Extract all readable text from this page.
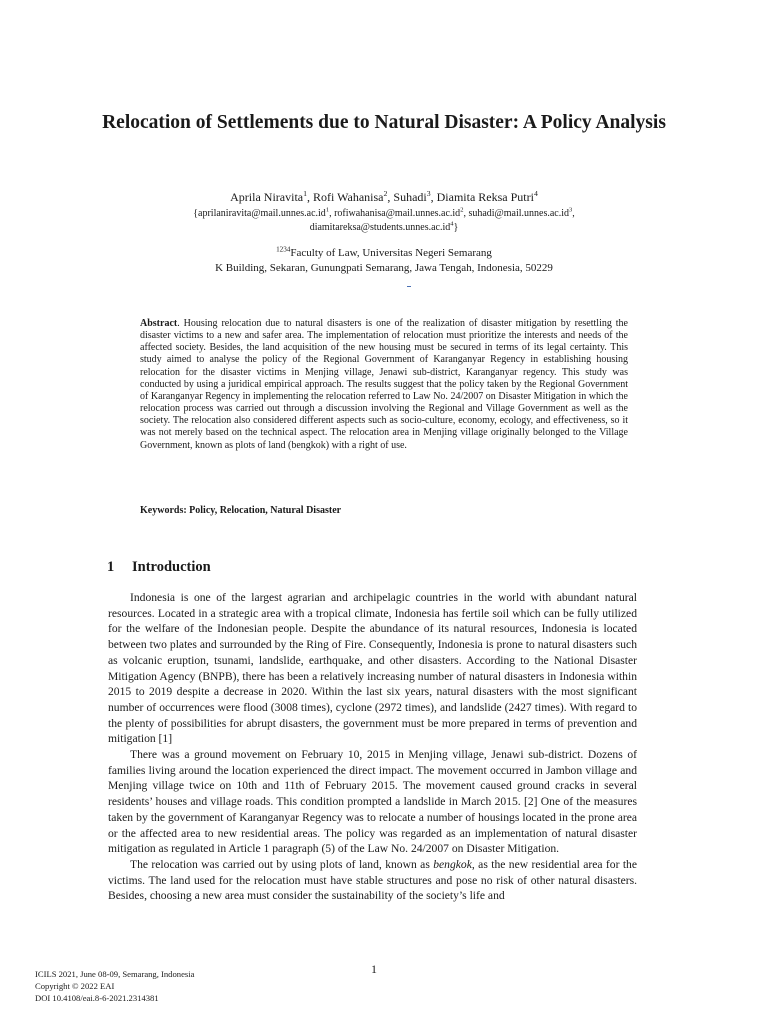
Relocation of Settlements due to Natural Disaster: A Policy Analysis
Aprila Niravita$^1$, Rofi Wahanisa$^2$, Suhadi$^3$, Diamita Reksa Putri$^4$
{$aprilaniravita@mail.unnes.ac.id^1$, $rofiwahanisa@mail.unnes.ac.id^2$, $suhadi@mail.unnes.ac.id^3$,
$diamitareksa@students.unnes.ac.id^4$}
$^{1234}$Faculty of Law, Universitas Negeri Semarang
K Building, Sekaran, Gunungpati Semarang, Jawa Tengah, Indonesia, 50229
Abstract. Housing relocation due to natural disasters is one of the realization of disaster mitigation by resettling the disaster victims to a new and safer area. The implementation of relocation must prioritize the interests and needs of the affected society. Besides, the land acquisition of the new housing must be secured in terms of its legal certainty. This study aimed to analyse the policy of the Regional Government of Karanganyar Regency in establishing housing relocation for the disaster victims in Menjing village, Jenawi sub-district, Karanganyar regency. This study was conducted by using a juridical empirical approach. The results suggest that the policy taken by the Regional Government of Karanganyar Regency in implementing the relocation referred to Law No. 24/2007 on Disaster Mitigation in which the relocation process was carried out through a discussion involving the Regional and Village Government as well as the society. The relocation also considered different aspects such as socio-culture, economy, ecology, and effectiveness, so it was not merely based on the technical aspect. The relocation area in Menjing village originally belonged to the Village Government, known as plots of land (bengkok) with a right of use.
Keywords: Policy, Relocation, Natural Disaster
1 Introduction

Indonesia is one of the largest agrarian and archipelagic countries in the world with abundant natural resources. Located in a strategic area with a tropical climate, Indonesia has fertile soil which can be fully utilized for the welfare of the Indonesian people. Despite the abundance of its natural resources, Indonesia is located between two plates and surrounded by the Ring of Fire. Consequently, Indonesia is prone to natural disasters such as volcanic eruption, tsunami, landslide, earthquake, and other disasters. According to the National Disaster Mitigation Agency (BNPB), there has been a relatively increasing number of natural disasters in Indonesia within 2015 to 2019 despite a decrease in 2020. Within the last six years, natural disasters with the most significant number of occurrences were flood (3008 times), cyclone (2972 times), and landslide (2427 times). With regard to the plenty of possibilities for abrupt disasters, the government must be more prepared in terms of prevention and mitigation [1]

There was a ground movement on February 10, 2015 in Menjing village, Jenawi sub-district. Dozens of families living around the location experienced the direct impact. The movement occurred in Jambon village and Menjing village twice on 10th and 11th of February 2015. The movement caused ground cracks in several residents’ houses and village roads. This condition prompted a landslide in March 2015. [2] One of the measures taken by the government of Karanganyar Regency was to relocate a number of housings located in the prone area or the affected area to new residential areas. The policy was regarded as an implementation of natural disaster mitigation as regulated in Article 1 paragraph (5) of the Law No. 24/2007 on Disaster Mitigation.

The relocation was carried out by using plots of land, known as bengkok, as the new residential area for the victims. The land used for the relocation must have stable structures and pose no risk of other natural disasters. Besides, choosing a new area must consider the sustainability of the society’s life and

1
ICILS 2021, June 08-09, Semarang, Indonesia
Copyright © 2022 EAI
DOI 10.4108/eai.8-6-2021.2314381
